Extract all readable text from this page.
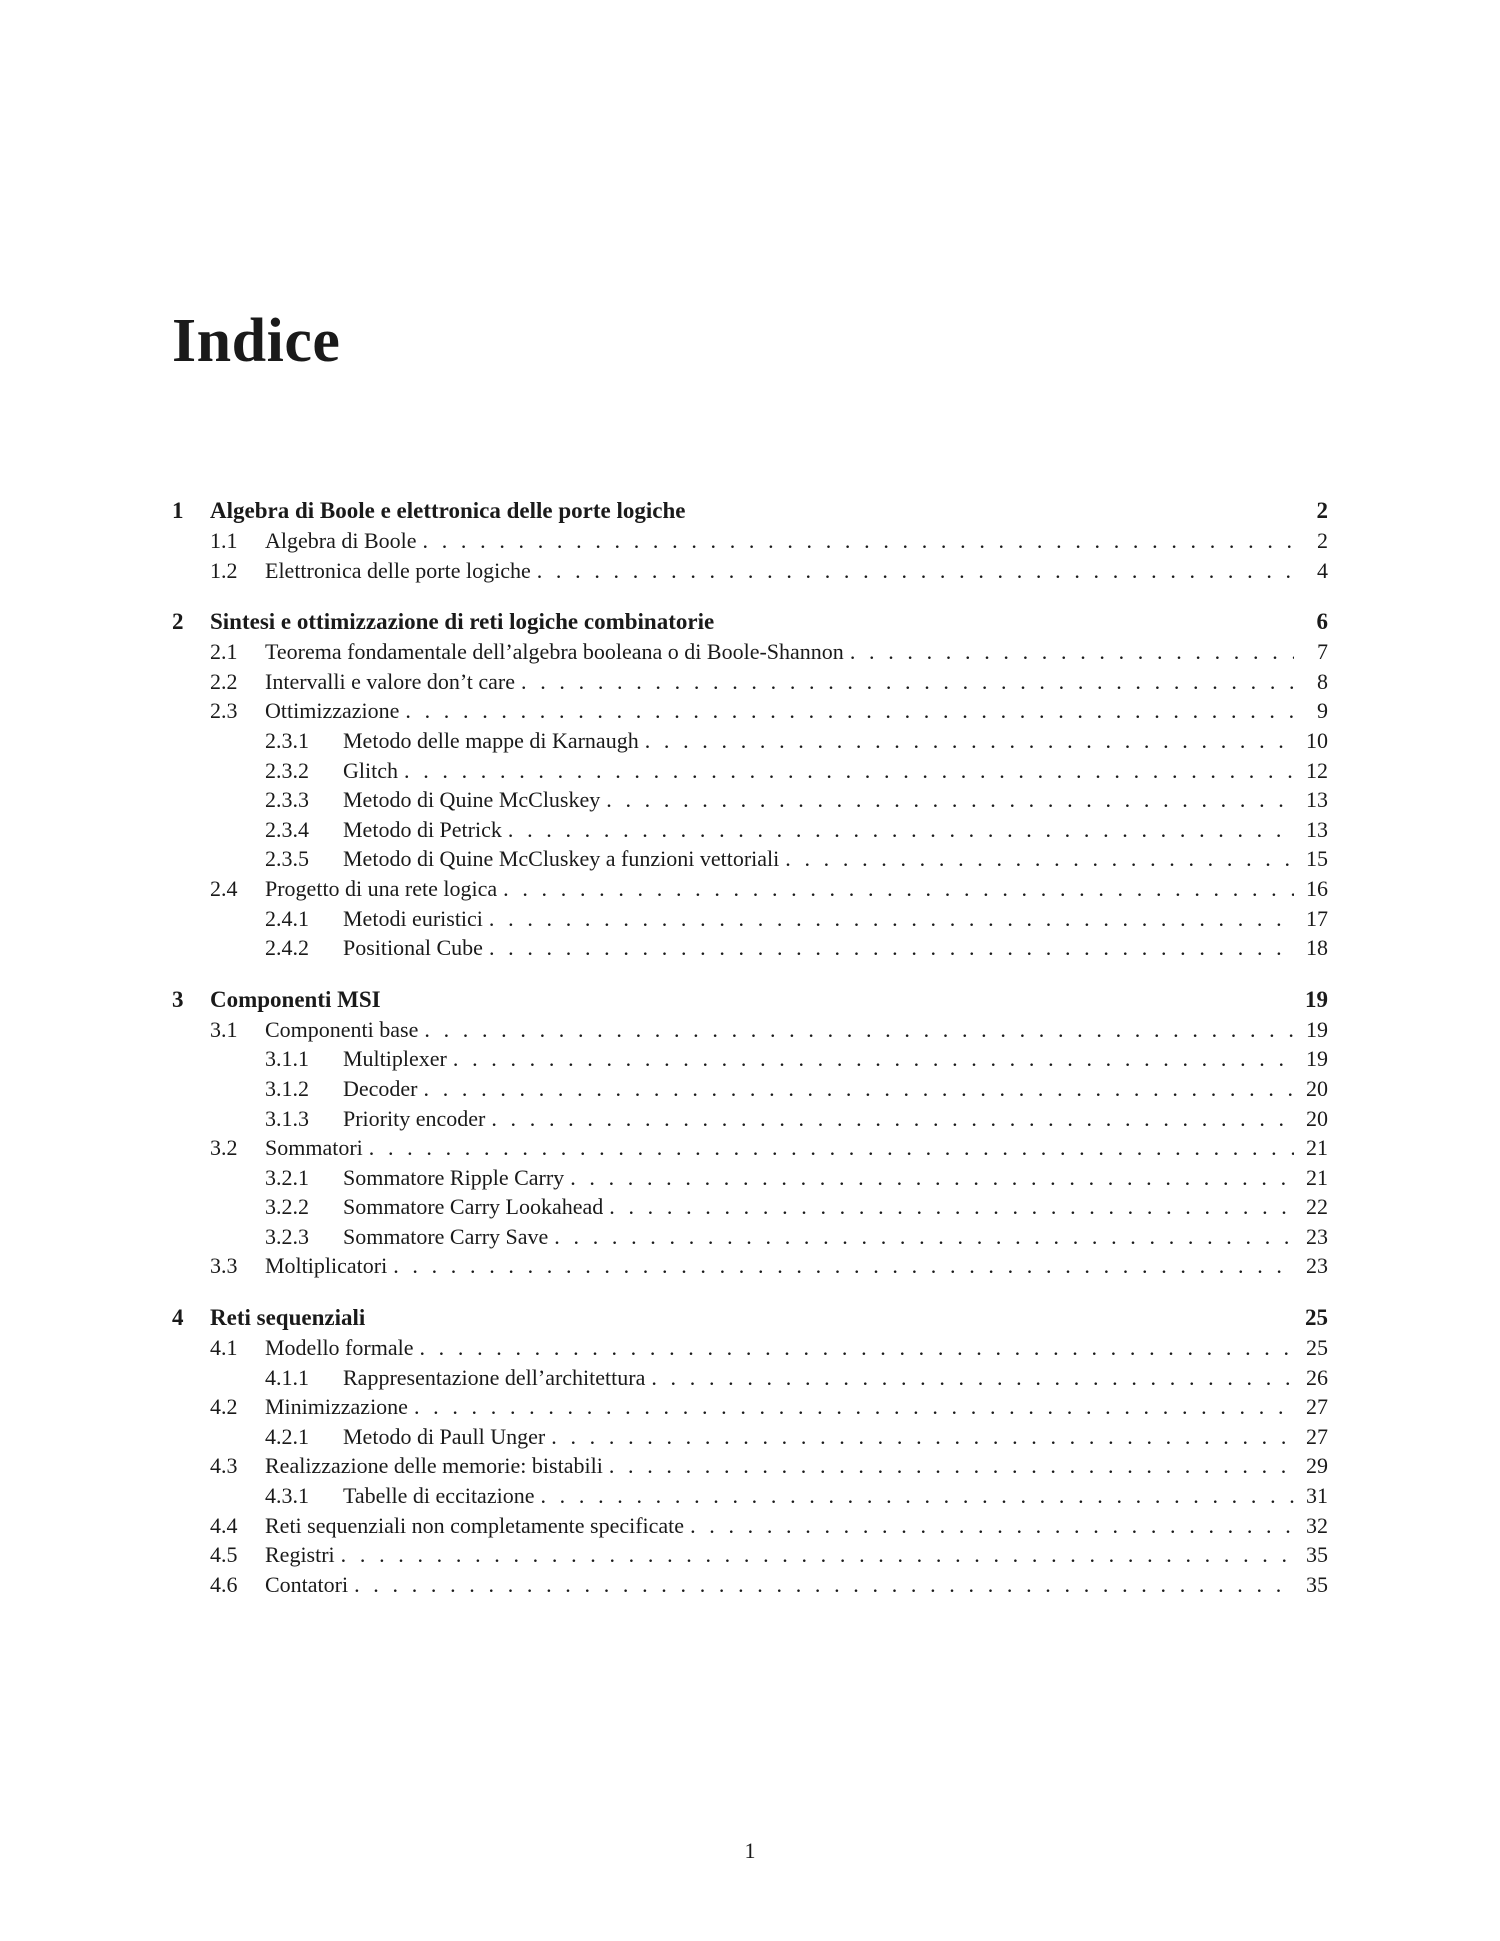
Indice
1	Algebra di Boole e elettronica delle porte logiche	2
1.1	Algebra di Boole . . .	2
1.2	Elettronica delle porte logiche . . .	4
2	Sintesi e ottimizzazione di reti logiche combinatorie	6
2.1	Teorema fondamentale dell’algebra booleana o di Boole-Shannon . . .	7
2.2	Intervalli e valore don’t care . . .	8
2.3	Ottimizzazione . . .	9
2.3.1	Metodo delle mappe di Karnaugh . . .	10
2.3.2	Glitch . . .	12
2.3.3	Metodo di Quine McCluskey . . .	13
2.3.4	Metodo di Petrick . . .	13
2.3.5	Metodo di Quine McCluskey a funzioni vettoriali . . .	15
2.4	Progetto di una rete logica . . .	16
2.4.1	Metodi euristici . . .	17
2.4.2	Positional Cube . . .	18
3	Componenti MSI	19
3.1	Componenti base . . .	19
3.1.1	Multiplexer . . .	19
3.1.2	Decoder . . .	20
3.1.3	Priority encoder . . .	20
3.2	Sommatori . . .	21
3.2.1	Sommatore Ripple Carry . . .	21
3.2.2	Sommatore Carry Lookahead . . .	22
3.2.3	Sommatore Carry Save . . .	23
3.3	Moltiplicatori . . .	23
4	Reti sequenziali	25
4.1	Modello formale . . .	25
4.1.1	Rappresentazione dell’architettura . . .	26
4.2	Minimizzazione . . .	27
4.2.1	Metodo di Paull Unger . . .	27
4.3	Realizzazione delle memorie: bistabili . . .	29
4.3.1	Tabelle di eccitazione . . .	31
4.4	Reti sequenziali non completamente specificate . . .	32
4.5	Registri . . .	35
4.6	Contatori . . .	35
1
